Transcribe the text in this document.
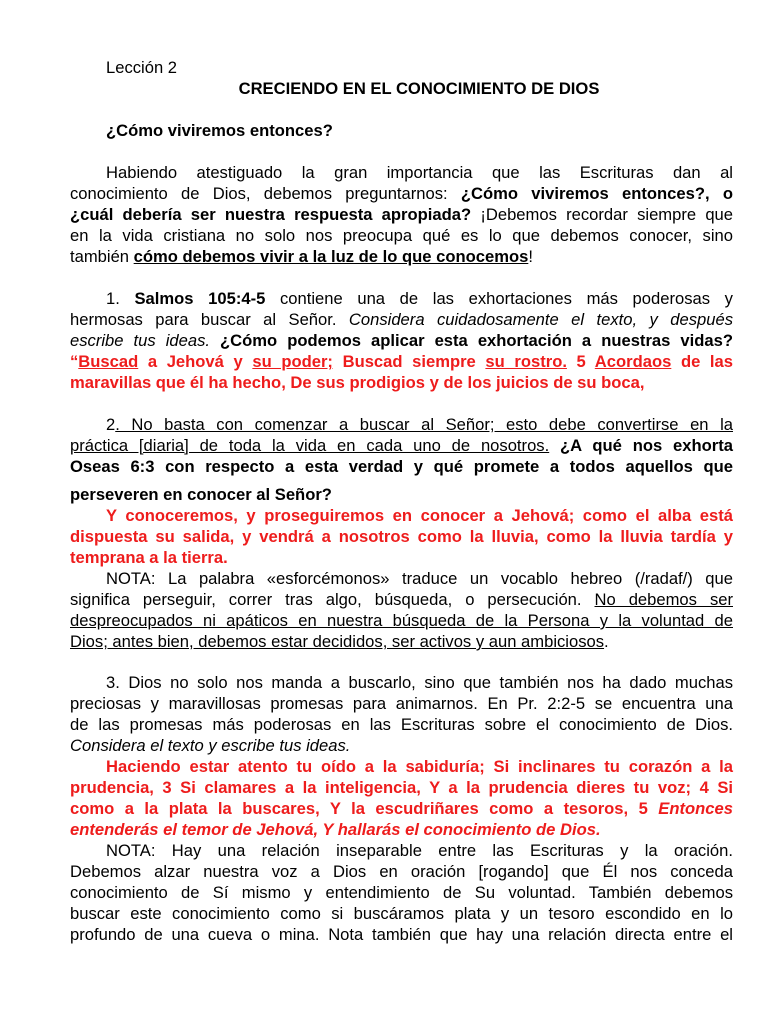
Lección 2
CRECIENDO EN EL CONOCIMIENTO DE DIOS
¿Cómo viviremos entonces?
Habiendo atestiguado la gran importancia que las Escrituras dan al
conocimiento de Dios, debemos preguntarnos: ¿Cómo viviremos entonces?, o
¿cuál debería ser nuestra respuesta apropiada? ¡Debemos recordar siempre que
en la vida cristiana no solo nos preocupa qué es lo que debemos conocer, sino
también cómo debemos vivir a la luz de lo que conocemos!
1. Salmos 105:4-5 contiene una de las exhortaciones más poderosas y
hermosas para buscar al Señor. Considera cuidadosamente el texto, y después
escribe tus ideas. ¿Cómo podemos aplicar esta exhortación a nuestras vidas?
“Buscad a Jehová y su poder; Buscad siempre su rostro. 5 Acordaos de las
maravillas que él ha hecho, De sus prodigios y de los juicios de su boca,
2. No basta con comenzar a buscar al Señor; esto debe convertirse en la
práctica [diaria] de toda la vida en cada uno de nosotros. ¿A qué nos exhorta
Oseas 6:3 con respecto a esta verdad y qué promete a todos aquellos que
perseveren en conocer al Señor?
Y conoceremos, y proseguiremos en conocer a Jehová; como el alba está
dispuesta su salida, y vendrá a nosotros como la lluvia, como la lluvia tardía y
temprana a la tierra.
NOTA: La palabra «esforcémonos» traduce un vocablo hebreo (/radaf/) que
significa perseguir, correr tras algo, búsqueda, o persecución. No debemos ser
despreocupados ni apáticos en nuestra búsqueda de la Persona y la voluntad de
Dios; antes bien, debemos estar decididos, ser activos y aun ambiciosos.
3. Dios no solo nos manda a buscarlo, sino que también nos ha dado muchas
preciosas y maravillosas promesas para animarnos. En Pr. 2:2-5 se encuentra una
de las promesas más poderosas en las Escrituras sobre el conocimiento de Dios.
Considera el texto y escribe tus ideas.
Haciendo estar atento tu oído a la sabiduría; Si inclinares tu corazón a la
prudencia, 3 Si clamares a la inteligencia, Y a la prudencia dieres tu voz; 4 Si
como a la plata la buscares, Y la escudriñares como a tesoros, 5 Entonces
entenderás el temor de Jehová, Y hallarás el conocimiento de Dios.
NOTA: Hay una relación inseparable entre las Escrituras y la oración.
Debemos alzar nuestra voz a Dios en oración [rogando] que Él nos conceda
conocimiento de Sí mismo y entendimiento de Su voluntad. También debemos
buscar este conocimiento como si buscáramos plata y un tesoro escondido en lo
profundo de una cueva o mina. Nota también que hay una relación directa entre el
